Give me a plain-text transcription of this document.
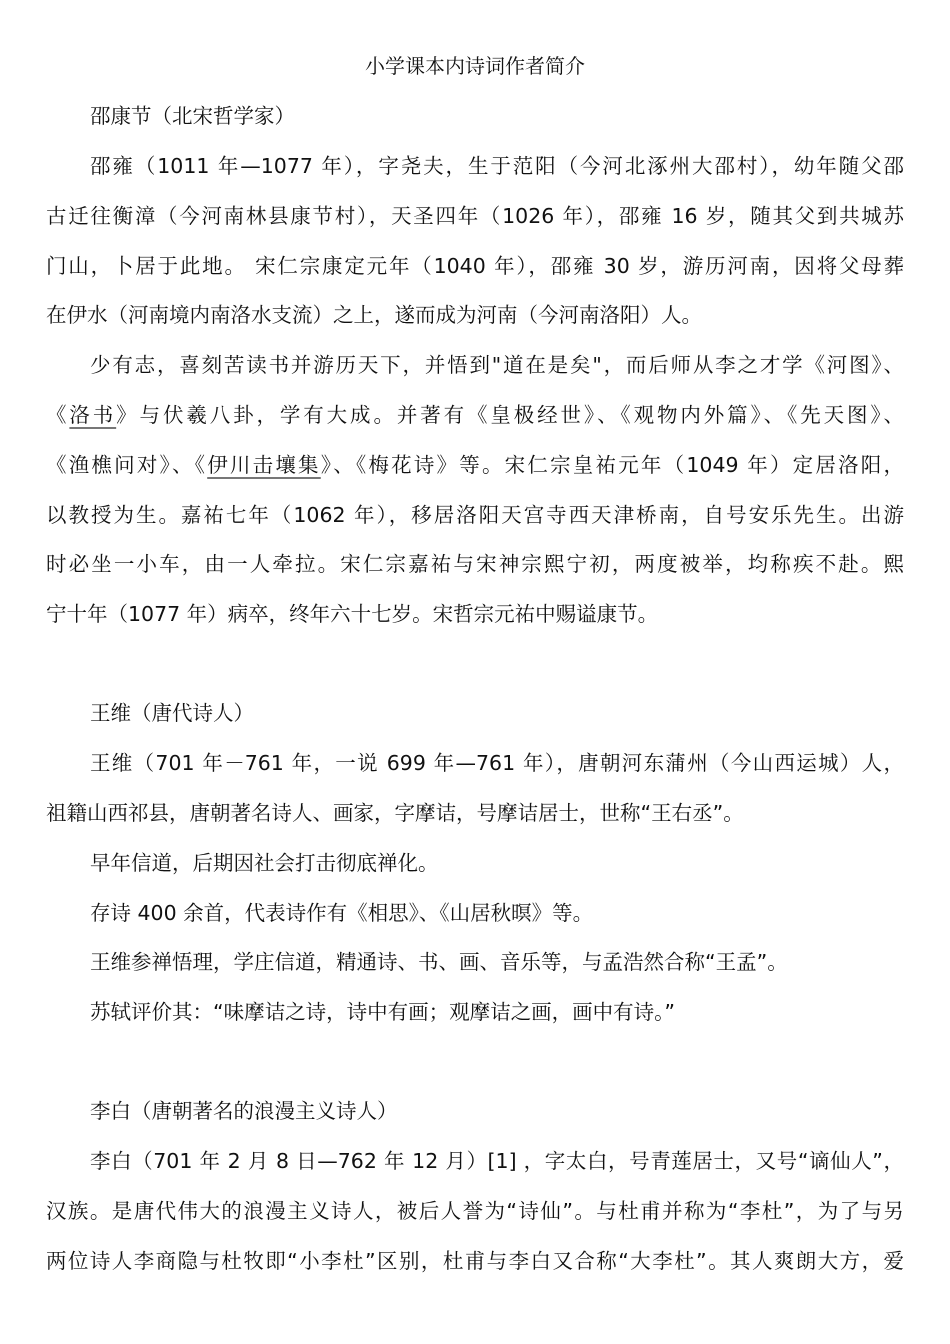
小学课本内诗词作者简介
邵康节（北宋哲学家）
邵雍（1011 年—1077 年），字尧夫，生于范阳（今河北涿州大邵村），幼年随父邵
古迁往衡漳（今河南林县康节村），天圣四年（1026 年），邵雍 16 岁，随其父到共城苏
门山，卜居于此地。 宋仁宗康定元年（1040 年），邵雍 30 岁，游历河南，因将父母葬
在伊水（河南境内南洛水支流）之上，遂而成为河南（今河南洛阳）人。
少有志，喜刻苦读书并游历天下，并悟到"道在是矣"，而后师从李之才学《河图》、
《洛书》与伏羲八卦，学有大成。并著有《皇极经世》、《观物内外篇》、《先天图》、
《渔樵问对》、《伊川击壤集》、《梅花诗》等。宋仁宗皇祐元年（1049 年）定居洛阳，
以教授为生。嘉祐七年（1062 年），移居洛阳天宫寺西天津桥南，自号安乐先生。出游
时必坐一小车，由一人牵拉。宋仁宗嘉祐与宋神宗熙宁初，两度被举，均称疾不赴。熙
宁十年（1077 年）病卒，终年六十七岁。宋哲宗元祐中赐谥康节。
王维（唐代诗人）
王维（701 年－761 年，一说 699 年—761 年），唐朝河东蒲州（今山西运城）人，
祖籍山西祁县，唐朝著名诗人、画家，字摩诘，号摩诘居士，世称“王右丞”。
早年信道，后期因社会打击彻底禅化。
存诗 400 余首，代表诗作有《相思》、《山居秋暝》等。
王维参禅悟理，学庄信道，精通诗、书、画、音乐等，与孟浩然合称“王孟”。
苏轼评价其：“味摩诘之诗，诗中有画；观摩诘之画，画中有诗。”
李白（唐朝著名的浪漫主义诗人）
李白（701 年 2 月 8 日—762 年 12 月）[1] ，字太白，号青莲居士，又号“谪仙人”，
汉族。是唐代伟大的浪漫主义诗人，被后人誉为“诗仙”。与杜甫并称为“李杜”，为了与另
两位诗人李商隐与杜牧即“小李杜”区别，杜甫与李白又合称“大李杜”。其人爽朗大方，爱
